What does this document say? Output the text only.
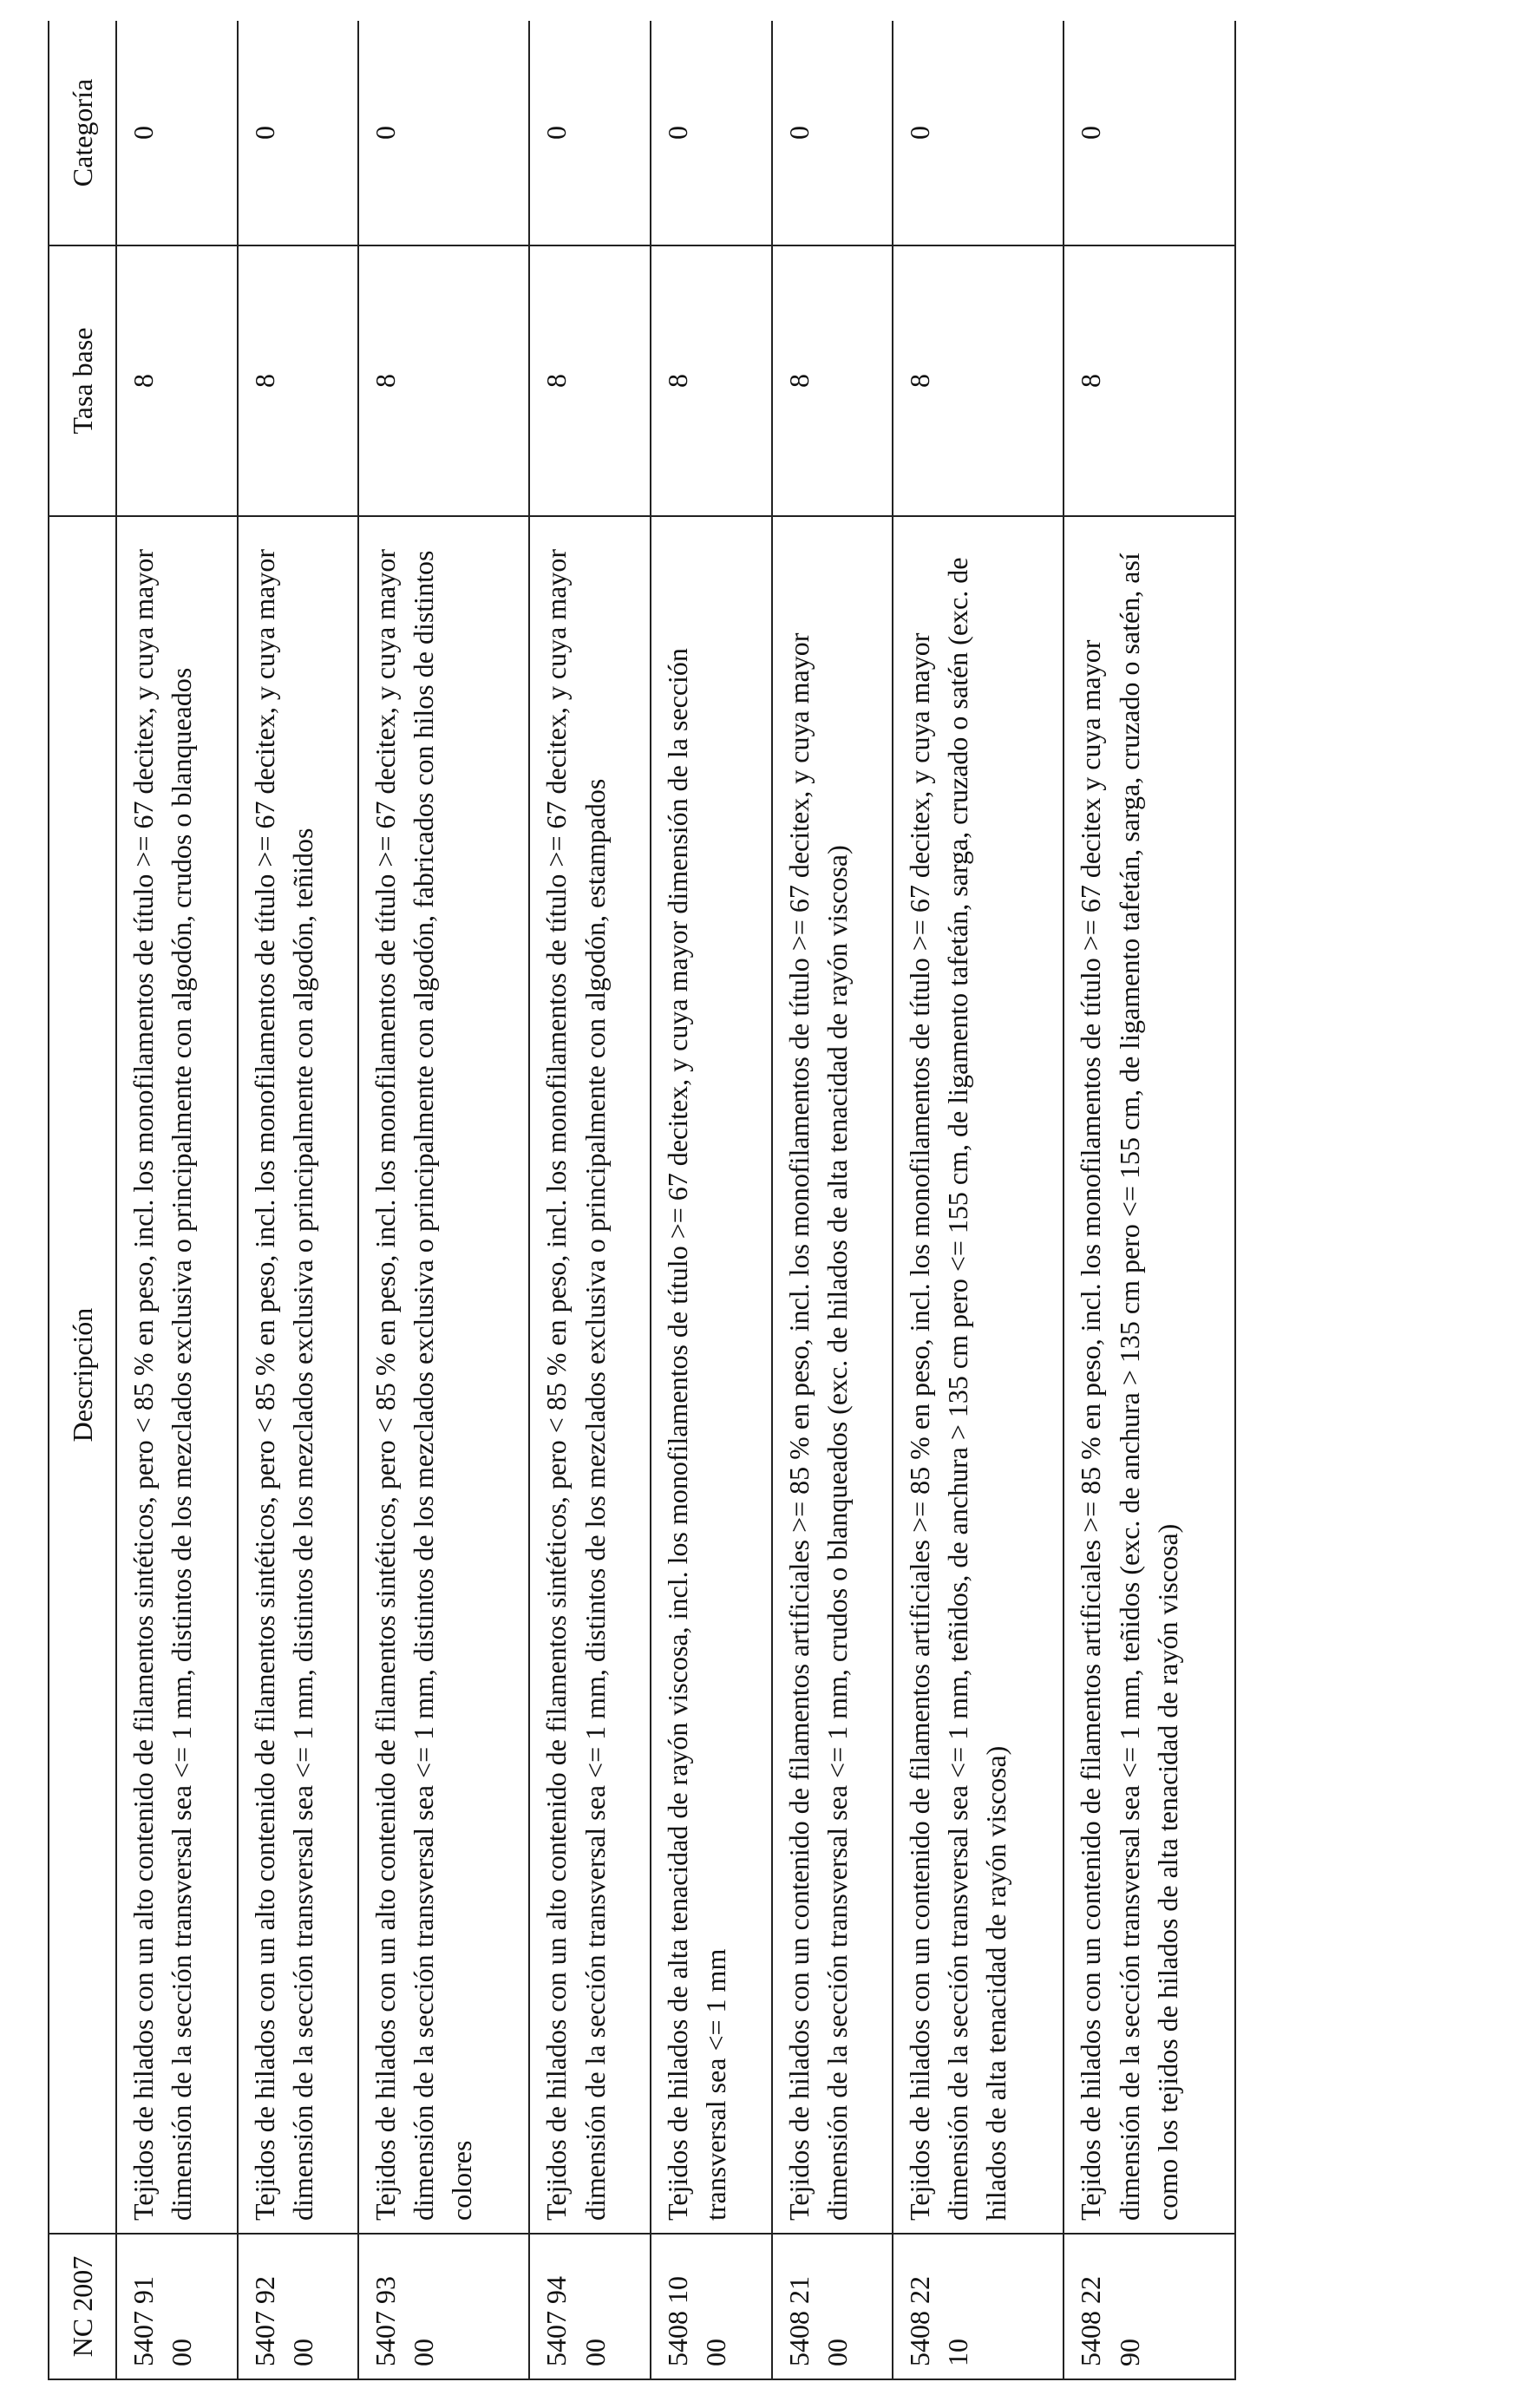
NC 2007	Descripción	Tasa base	Categoría
5407 91 00	Tejidos de hilados con un alto contenido de filamentos sintéticos, pero < 85 % en peso, incl. los monofilamentos de título >= 67 decitex, y cuya mayor dimensión de la sección transversal sea <= 1 mm, distintos de los mezclados exclusiva o principalmente con algodón, crudos o blanqueados	8	0
5407 92 00	Tejidos de hilados con un alto contenido de filamentos sintéticos, pero < 85 % en peso, incl. los monofilamentos de título >= 67 decitex, y cuya mayor dimensión de la sección transversal sea <= 1 mm, distintos de los mezclados exclusiva o principalmente con algodón, teñidos	8	0
5407 93 00	Tejidos de hilados con un alto contenido de filamentos sintéticos, pero < 85 % en peso, incl. los monofilamentos de título >= 67 decitex, y cuya mayor dimensión de la sección transversal sea <= 1 mm, distintos de los mezclados exclusiva o principalmente con algodón, fabricados con hilos de distintos colores	8	0
5407 94 00	Tejidos de hilados con un alto contenido de filamentos sintéticos, pero < 85 % en peso, incl. los monofilamentos de título >= 67 decitex, y cuya mayor dimensión de la sección transversal sea <= 1 mm, distintos de los mezclados exclusiva o principalmente con algodón, estampados	8	0
5408 10 00	Tejidos de hilados de alta tenacidad de rayón viscosa, incl. los monofilamentos de título >= 67 decitex, y cuya mayor dimensión de la sección transversal sea <= 1 mm	8	0
5408 21 00	Tejidos de hilados con un contenido de filamentos artificiales >= 85 % en peso, incl. los monofilamentos de título >= 67 decitex, y cuya mayor dimensión de la sección transversal sea <= 1 mm, crudos o blanqueados (exc. de hilados de alta tenacidad de rayón viscosa)	8	0
5408 22 10	Tejidos de hilados con un contenido de filamentos artificiales >= 85 % en peso, incl. los monofilamentos de título >= 67 decitex, y cuya mayor dimensión de la sección transversal sea <= 1 mm, teñidos, de anchura > 135 cm pero <= 155 cm, de ligamento tafetán, sarga, cruzado o satén (exc. de hilados de alta tenacidad de rayón viscosa)	8	0
5408 22 90	Tejidos de hilados con un contenido de filamentos artificiales >= 85 % en peso, incl. los monofilamentos de título >= 67 decitex y cuya mayor dimensión de la sección transversal sea <= 1 mm, teñidos (exc. de anchura > 135 cm pero <= 155 cm, de ligamento tafetán, sarga, cruzado o satén, así como los tejidos de hilados de alta tenacidad de rayón viscosa)	8	0
